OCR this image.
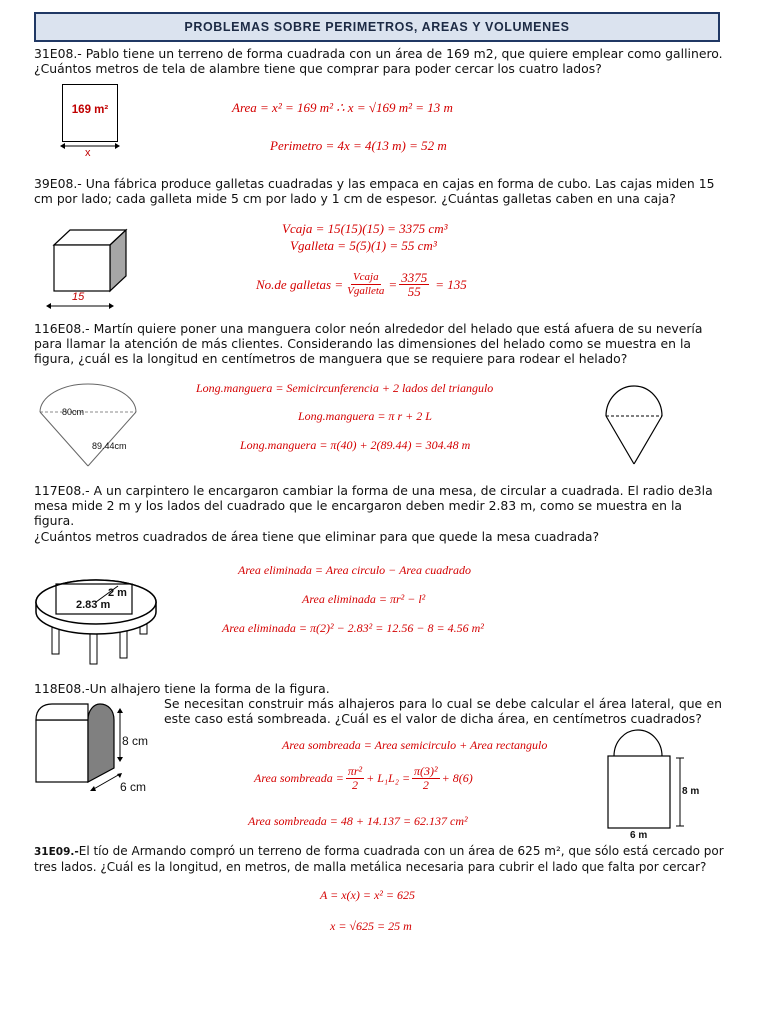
PROBLEMAS SOBRE PERIMETROS, AREAS Y VOLUMENES

31E08.- Pablo tiene un terreno de forma cuadrada con un área de 169 m2, que quiere emplear como gallinero. ¿Cuántos metros de tela de alambre tiene que comprar para poder cercar los cuatro lados?

169 m²
x
Area = x² = 169 m² ∴ x = √169 m² = 13 m
Perimetro = 4x = 4(13 m) = 52 m

39E08.- Una fábrica produce galletas cuadradas y las empaca en cajas en forma de cubo. Las cajas miden 15 cm por lado; cada galleta mide 5 cm por lado y 1 cm de espesor. ¿Cuántas galletas caben en una caja?

15
Vcaja = 15(15)(15) = 3375 cm³
Vgalleta = 5(5)(1) = 55 cm³
No.de galletas = $\frac{\text{Vcaja}}{\text{Vgalleta}} = \frac{3375}{55} = 135$

116E08.- Martín quiere poner una manguera color neón alrededor del helado que está afuera de su nevería para llamar la atención de más clientes. Considerando las dimensiones del helado como se muestra en la figura, ¿cuál es la longitud en centímetros de manguera que se requiere para rodear el helado?

80cm
89.44cm
Long.manguera = Semicircunferencia + 2 lados del triangulo
Long.manguera = π r + 2 L
Long.manguera = π(40) + 2(89.44) = 304.48 m

117E08.- A un carpintero le encargaron cambiar la forma de una mesa, de circular a cuadrada. El radio de3la mesa mide 2 m y los lados del cuadrado que le encargaron deben medir 2.83 m, como se muestra en la figura.

¿Cuántos metros cuadrados de área tiene que eliminar para que quede la mesa cuadrada?

2 m
2.83 m
Area eliminada = Area circulo − Area cuadrado
Area eliminada = πr² − l²
Area eliminada = π(2)² − 2.83² = 12.56 − 8 = 4.56 m²

118E08.-Un alhajero tiene la forma de la figura.

Se necesitan construir más alhajeros para lo cual se debe calcular el área lateral, que en este caso está sombreada. ¿Cuál es el valor de dicha área, en centímetros cuadrados?

8 cm
6 cm
Area sombreada = Area semicirculo + Area rectangulo
Area sombreada = $\frac{\text{πr²}}{2} + L_1L_2 = \frac{\text{π(3)²}}{2} + 8(6)$
Area sombreada = 48 + 14.137 = 62.137 cm²
8 m
6 m

31E09.-El tío de Armando compró un terreno de forma cuadrada con un área de 625 m², que sólo está cercado por tres lados. ¿Cuál es la longitud, en metros, de malla metálica necesaria para cubrir el lado que falta por cercar?

A = x(x) = x² = 625
x = √625 = 25 m
